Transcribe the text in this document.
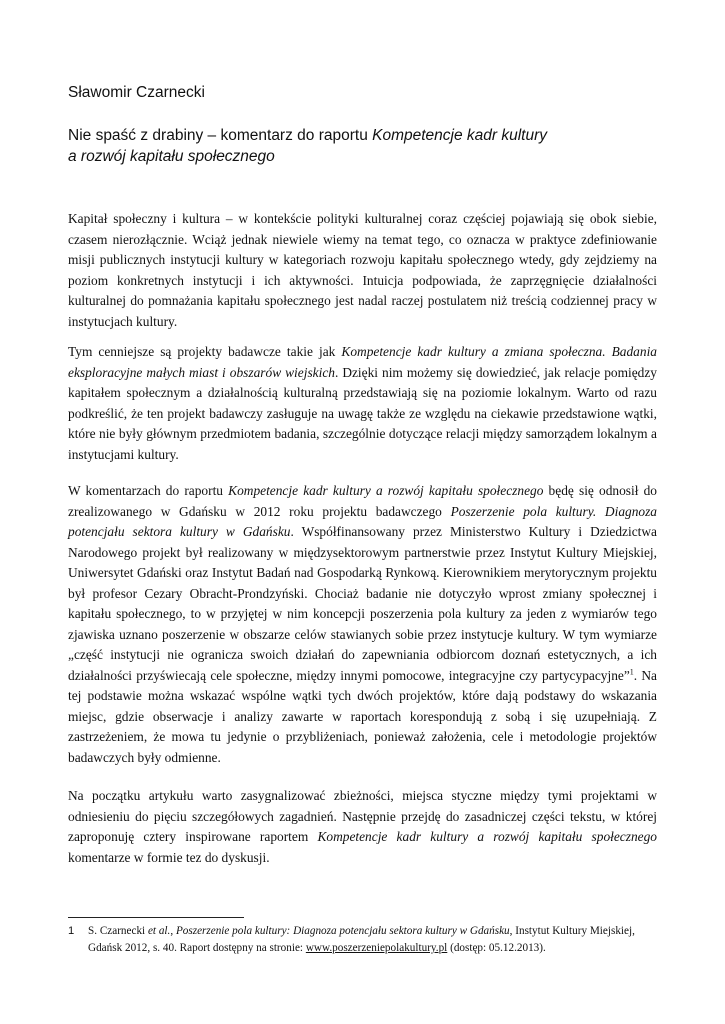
Sławomir Czarnecki
Nie spaść z drabiny – komentarz do raportu Kompetencje kadr kultury
a rozwój kapitału społecznego

Kapitał społeczny i kultura – w kontekście polityki kulturalnej coraz częściej pojawiają się obok siebie, czasem nierozłącznie. Wciąż jednak niewiele wiemy na temat tego, co oznacza w praktyce zdefiniowanie misji publicznych instytucji kultury w kategoriach rozwoju kapitału społecznego wtedy, gdy zejdziemy na poziom konkretnych instytucji i ich aktywności. Intuicja podpowiada, że zaprzęgnięcie działalności kulturalnej do pomnażania kapitału społecznego jest nadal raczej postulatem niż treścią codziennej pracy w instytucjach kultury.

Tym cenniejsze są projekty badawcze takie jak Kompetencje kadr kultury a zmiana społeczna. Badania eksploracyjne małych miast i obszarów wiejskich. Dzięki nim możemy się dowiedzieć, jak relacje pomiędzy kapitałem społecznym a działalnością kulturalną przedstawiają się na poziomie lokalnym. Warto od razu podkreślić, że ten projekt badawczy zasługuje na uwagę także ze względu na ciekawie przedstawione wątki, które nie były głównym przedmiotem badania, szczególnie dotyczące relacji między samorządem lokalnym a instytucjami kultury.

W komentarzach do raportu Kompetencje kadr kultury a rozwój kapitału społecznego będę się odnosił do zrealizowanego w Gdańsku w 2012 roku projektu badawczego Poszerzenie pola kultury. Diagnoza potencjału sektora kultury w Gdańsku. Współfinansowany przez Ministerstwo Kultury i Dziedzictwa Narodowego projekt był realizowany w międzysektorowym partnerstwie przez Instytut Kultury Miejskiej, Uniwersytet Gdański oraz Instytut Badań nad Gospodarką Rynkową. Kierownikiem merytorycznym projektu był profesor Cezary Obracht-Prondzyński. Chociaż badanie nie dotyczyło wprost zmiany społecznej i kapitału społecznego, to w przyjętej w nim koncepcji poszerzenia pola kultury za jeden z wymiarów tego zjawiska uznano poszerzenie w obszarze celów stawianych sobie przez instytucje kultury. W tym wymiarze „część instytucji nie ogranicza swoich działań do zapewniania odbiorcom doznań estetycznych, a ich działalności przyświecają cele społeczne, między innymi pomocowe, integracyjne czy partycypacyjne”$^1$. Na tej podstawie można wskazać wspólne wątki tych dwóch projektów, które dają podstawy do wskazania miejsc, gdzie obserwacje i analizy zawarte w raportach korespondują z sobą i się uzupełniają. Z zastrzeżeniem, że mowa tu jedynie o przybliżeniach, ponieważ założenia, cele i metodologie projektów badawczych były odmienne.

Na początku artykułu warto zasygnalizować zbieżności, miejsca styczne między tymi projektami w odniesieniu do pięciu szczegółowych zagadnień. Następnie przejdę do zasadniczej części tekstu, w której zaproponuję cztery inspirowane raportem Kompetencje kadr kultury a rozwój kapitału społecznego komentarze w formie tez do dyskusji.

1 S. Czarnecki et al., Poszerzenie pola kultury: Diagnoza potencjału sektora kultury w Gdańsku, Instytut Kultury Miejskiej, Gdańsk 2012, s. 40. Raport dostępny na stronie: www.poszerzeniepolakultury.pl (dostęp: 05.12.2013).
